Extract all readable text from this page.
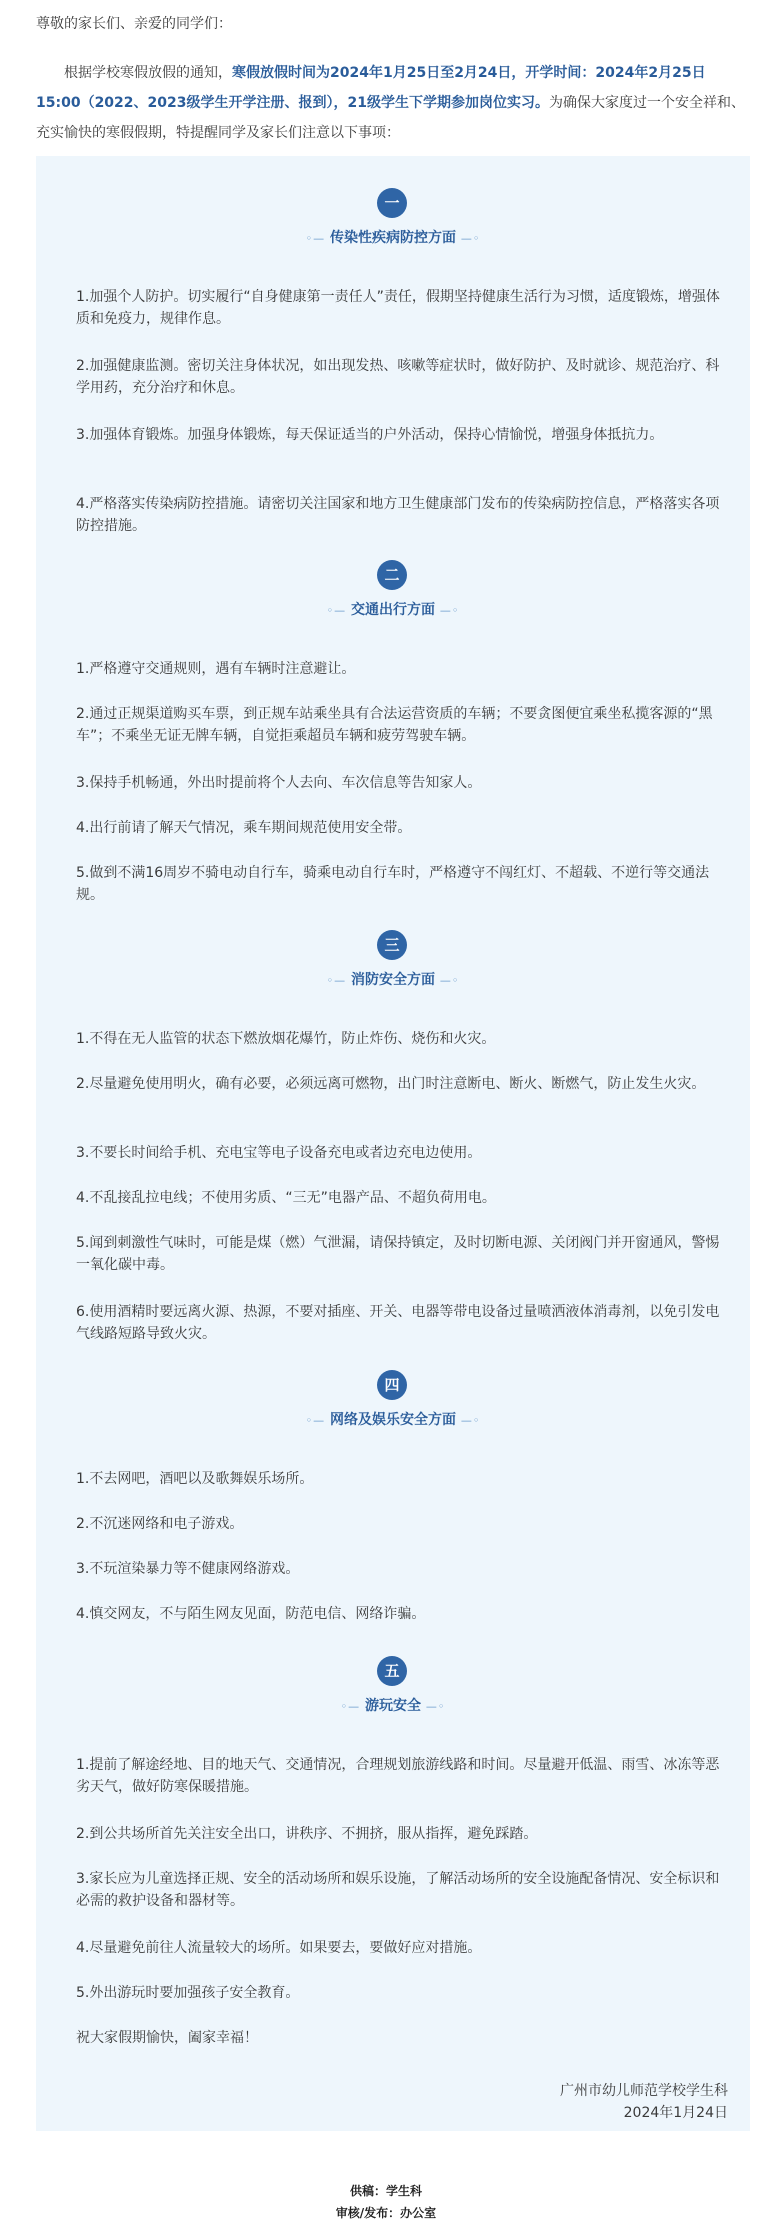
尊敬的家长们、亲爱的同学们：
根据学校寒假放假的通知，寒假放假时间为2024年1月25日至2月24日，开学时间：2024年2月25日15:00（2022、2023级学生开学注册、报到），21级学生下学期参加岗位实习。为确保大家度过一个安全祥和、充实愉快的寒假假期，特提醒同学及家长们注意以下事项：
一
◦— 传染性疾病防控方面 —◦
1.加强个人防护。切实履行“自身健康第一责任人”责任，假期坚持健康生活行为习惯，适度锻炼，增强体质和免疫力，规律作息。
2.加强健康监测。密切关注身体状况，如出现发热、咳嗽等症状时，做好防护、及时就诊、规范治疗、科学用药，充分治疗和休息。
3.加强体育锻炼。加强身体锻炼，每天保证适当的户外活动，保持心情愉悦，增强身体抵抗力。
4.严格落实传染病防控措施。请密切关注国家和地方卫生健康部门发布的传染病防控信息，严格落实各项防控措施。
二
◦— 交通出行方面 —◦
1.严格遵守交通规则，遇有车辆时注意避让。
2.通过正规渠道购买车票，到正规车站乘坐具有合法运营资质的车辆；不要贪图便宜乘坐私揽客源的“黑车”；不乘坐无证无牌车辆，自觉拒乘超员车辆和疲劳驾驶车辆。
3.保持手机畅通，外出时提前将个人去向、车次信息等告知家人。
4.出行前请了解天气情况，乘车期间规范使用安全带。
5.做到不满16周岁不骑电动自行车，骑乘电动自行车时，严格遵守不闯红灯、不超载、不逆行等交通法规。
三
◦— 消防安全方面 —◦
1.不得在无人监管的状态下燃放烟花爆竹，防止炸伤、烧伤和火灾。
2.尽量避免使用明火，确有必要，必须远离可燃物，出门时注意断电、断火、断燃气，防止发生火灾。
3.不要长时间给手机、充电宝等电子设备充电或者边充电边使用。
4.不乱接乱拉电线；不使用劣质、“三无”电器产品、不超负荷用电。
5.闻到刺激性气味时，可能是煤（燃）气泄漏，请保持镇定，及时切断电源、关闭阀门并开窗通风，警惕一氧化碳中毒。
6.使用酒精时要远离火源、热源，不要对插座、开关、电器等带电设备过量喷洒液体消毒剂，以免引发电气线路短路导致火灾。
四
◦— 网络及娱乐安全方面 —◦
1.不去网吧，酒吧以及歌舞娱乐场所。
2.不沉迷网络和电子游戏。
3.不玩渲染暴力等不健康网络游戏。
4.慎交网友，不与陌生网友见面，防范电信、网络诈骗。
五
◦— 游玩安全 —◦
1.提前了解途经地、目的地天气、交通情况，合理规划旅游线路和时间。尽量避开低温、雨雪、冰冻等恶劣天气，做好防寒保暖措施。
2.到公共场所首先关注安全出口，讲秩序、不拥挤，服从指挥，避免踩踏。
3.家长应为儿童选择正规、安全的活动场所和娱乐设施，了解活动场所的安全设施配备情况、安全标识和必需的救护设备和器材等。
4.尽量避免前往人流量较大的场所。如果要去，要做好应对措施。
5.外出游玩时要加强孩子安全教育。
祝大家假期愉快，阖家幸福！
广州市幼儿师范学校学生科
2024年1月24日
供稿：学生科
审核/发布：办公室
